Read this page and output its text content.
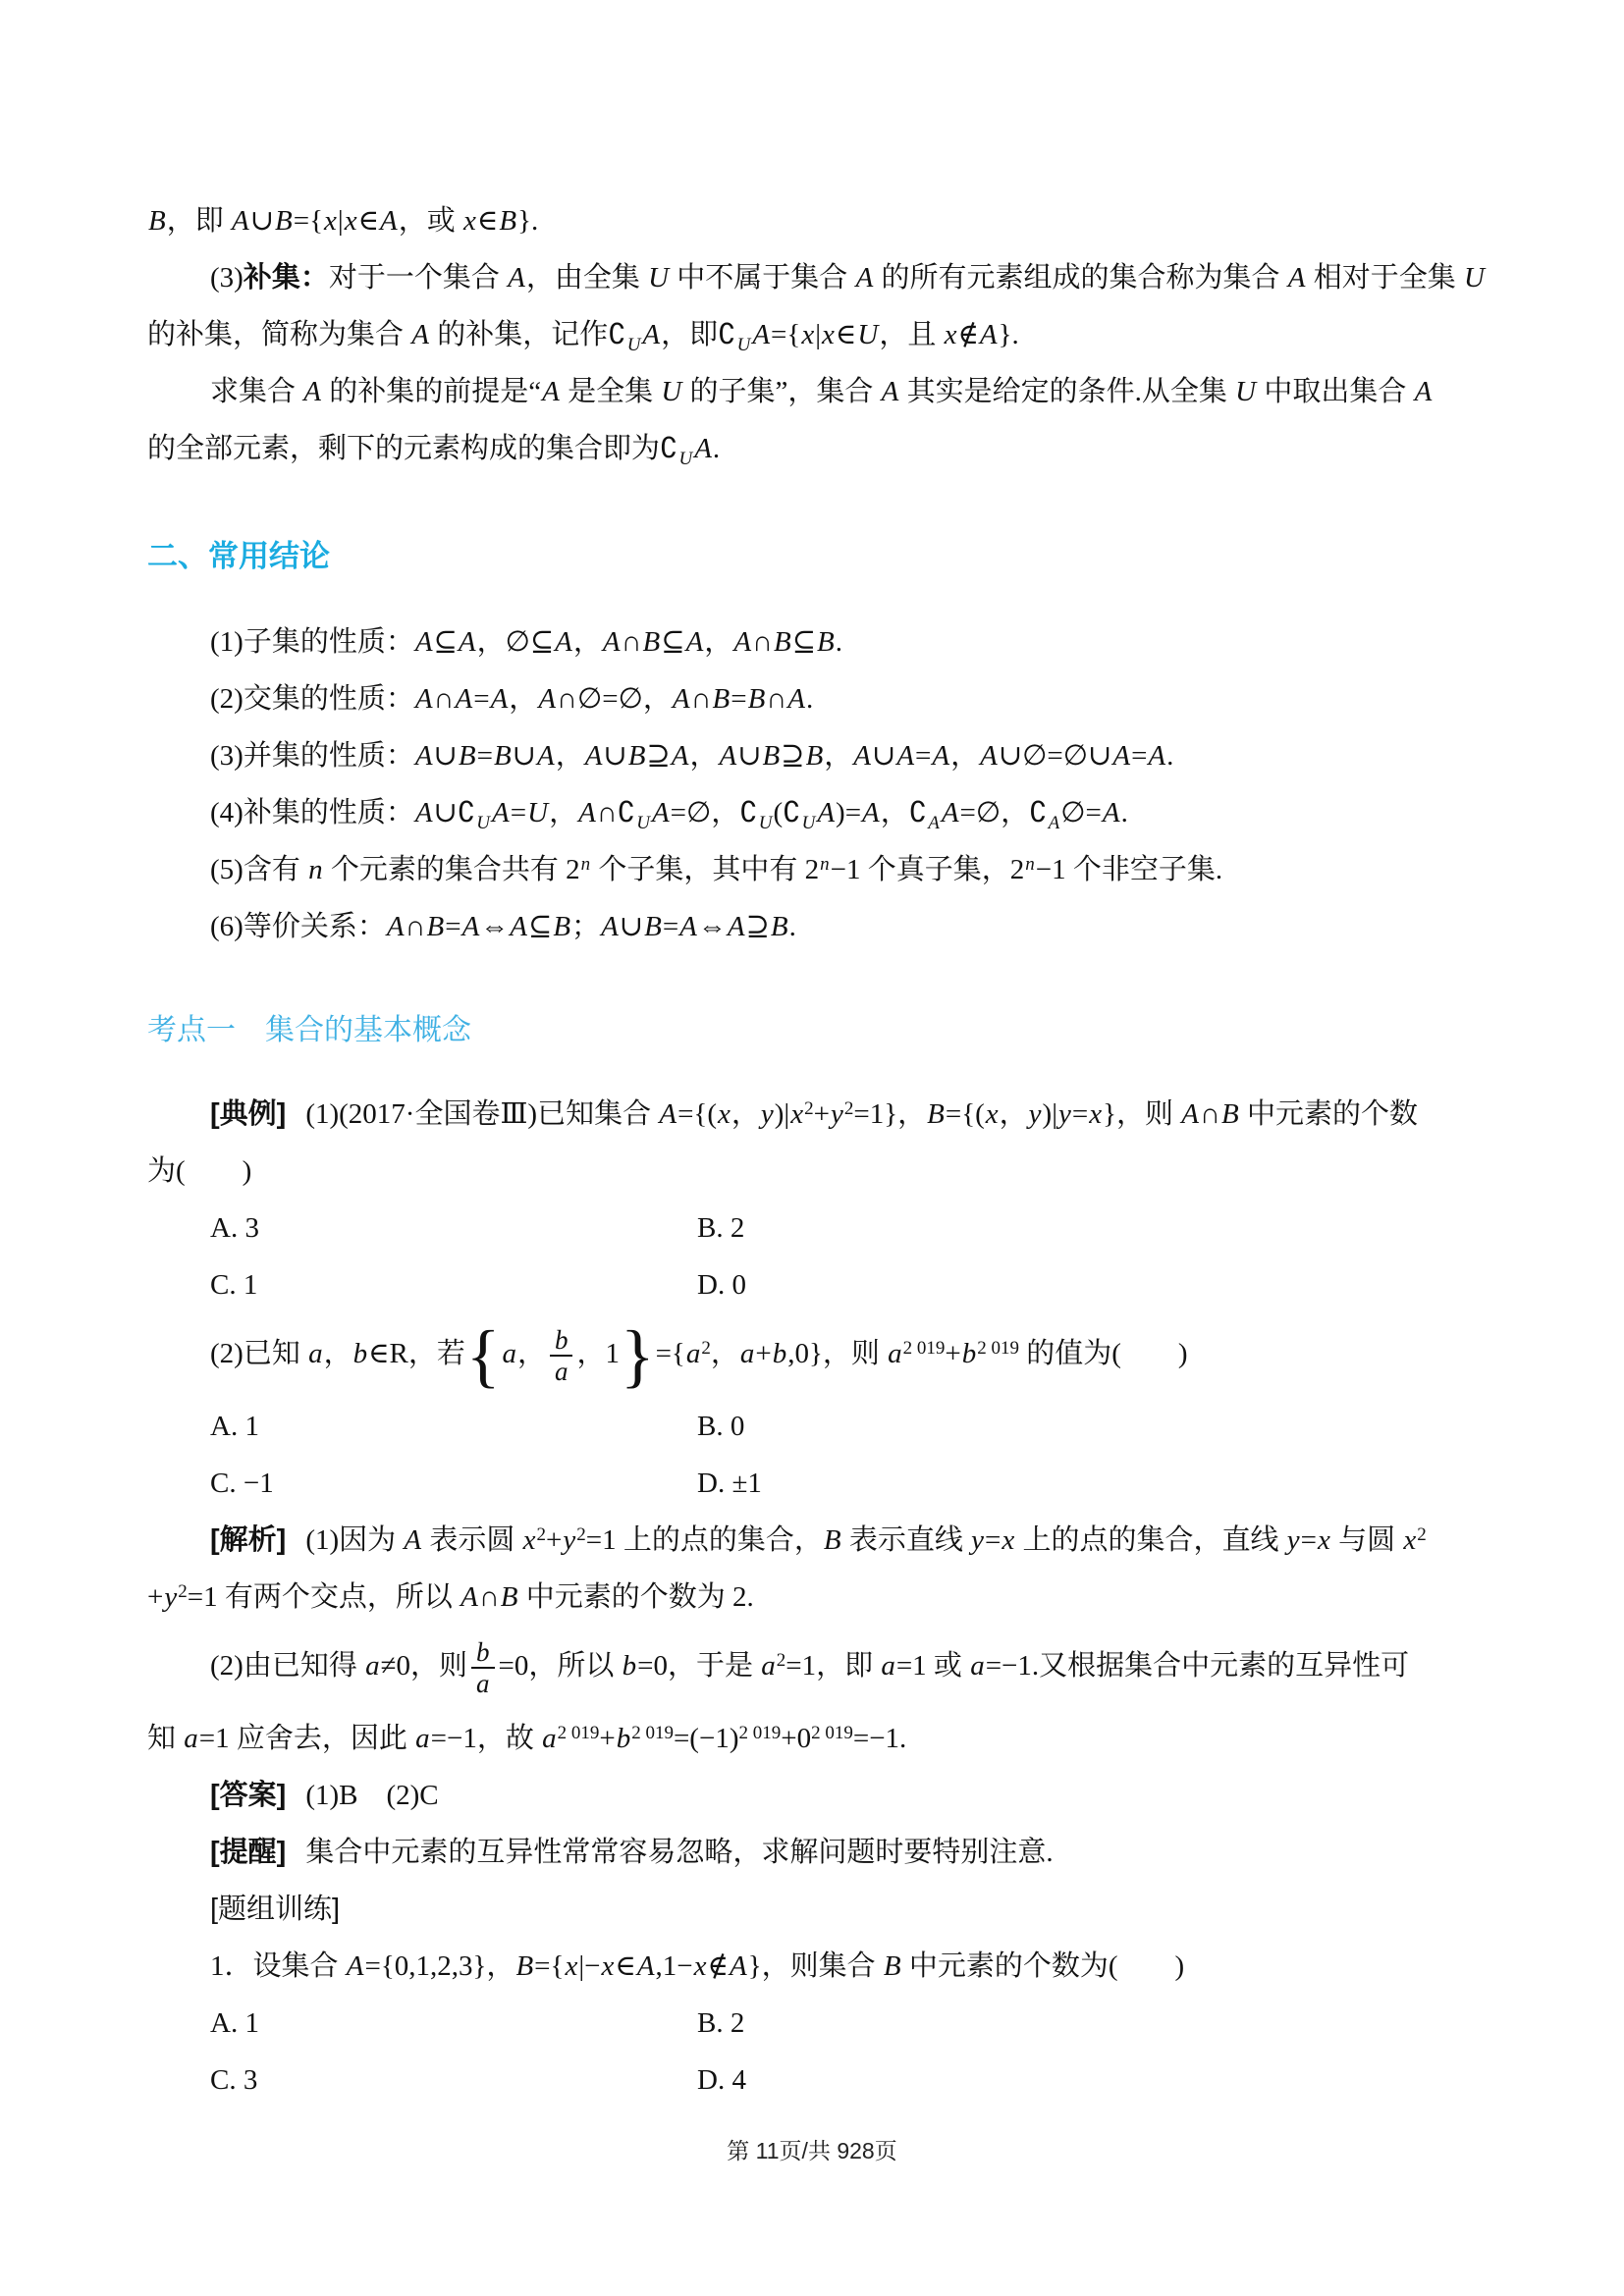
B，即 A∪B={x|x∈A，或 x∈B}.
(3)补集：对于一个集合 A，由全集 U 中不属于集合 A 的所有元素组成的集合称为集合 A 相对于全集 U
的补集，简称为集合 A 的补集，记作$∁_UA$，即$∁_UA=\{x|x\in U$，且 x∉A}.
求集合 A 的补集的前提是“A 是全集 U 的子集”，集合 A 其实是给定的条件.从全集 U 中取出集合 A
的全部元素，剩下的元素构成的集合即为$∁_UA$.
二、常用结论
(1)子集的性质：A⊆A，∅⊆A，A∩B⊆A，A∩B⊆B.
(2)交集的性质：A∩A=A，A∩∅=∅，A∩B=B∩A.
(3)并集的性质：A∪B=B∪A，A∪B⊇A，A∪B⊇B，A∪A=A，A∪∅=∅∪A=A.
(4)补集的性质：$A\cup∁_UA=U$，$A\cap∁_UA=\emptyset$，$∁_U(∁_UA)=A$，$∁_AA=\emptyset$，$∁_A\emptyset=A$.
(5)含有 n 个元素的集合共有 2$^n$ 个子集，其中有 $2^n-1$ 个真子集，$2^n-1$ 个非空子集.
(6)等价关系：A∩B=A⇔A⊆B；A∪B=A⇔A⊇B.
考点一　集合的基本概念
[典例] (1)(2017·全国卷Ⅲ)已知集合 A={(x，$y)|x^2+y^2=1$}，B={(x，y)|y=x}，则 A∩B 中元素的个数
为(　　)
A. 3	B. 2
C. 1	D. 0
(2)已知 a，b∈R，若{a， $\frac{b}{a}$ ，$1\}=\{a^2$，a+b,0}，则 $a^{2 019}+b^{2 019}$ 的值为(　　)
A. 1	B. 0
C. −1	D. ±1
[解析] (1)因为 A 表示圆 $x^2+y^2=1$ 上的点的集合，B 表示直线 y=x 上的点的集合，直线 y=x 与圆 $x^2$
$+y^2=1$ 有两个交点，所以 A∩B 中元素的个数为 2.
(2)由已知得 a≠0，则 $\frac{b}{a} =0$，所以 b=0，于是 $a^2=1$，即 a=1 或 a=−1.又根据集合中元素的互异性可
知 a=1 应舍去，因此 a=−1，故 $a^{2 019}+b^{2 019}=(-1)^{2 019}+0^{2 019}=-1$.
[答案] (1)B　(2)C
[提醒] 集合中元素的互异性常常容易忽略，求解问题时要特别注意.
[题组训练]
1．设集合 A={0,1,2,3}，B={x|−x∈A,1−x∉A}，则集合 B 中元素的个数为(　　)
A. 1	B. 2
C. 3	D. 4
第 11页/共 928页
